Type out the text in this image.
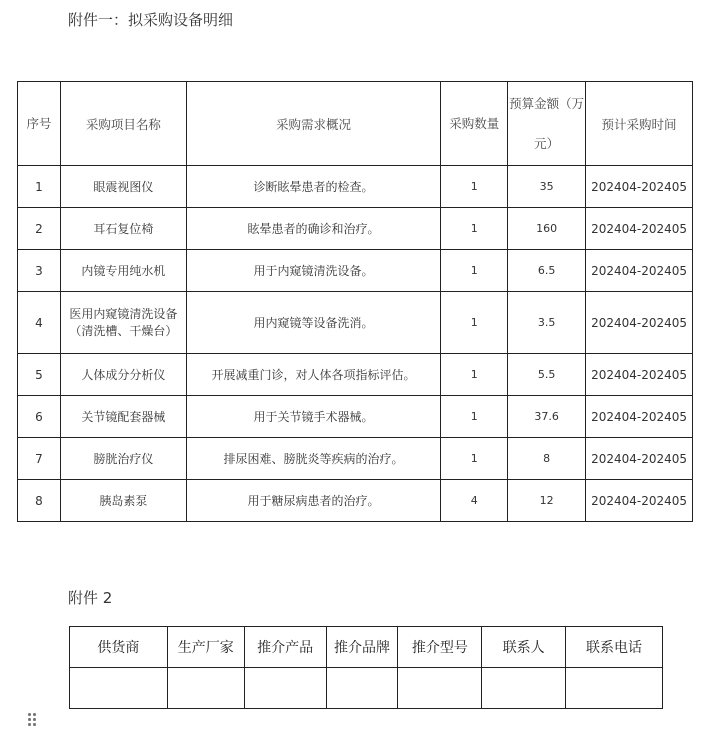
附件一：拟采购设备明细
序号	采购项目名称	采购需求概况	采购数量	预算金额（万元）	预计采购时间
1	眼震视图仪	诊断眩晕患者的检查。	1	35	202404-202405
2	耳石复位椅	眩晕患者的确诊和治疗。	1	160	202404-202405
3	内镜专用纯水机	用于内窥镜清洗设备。	1	6.5	202404-202405
4	医用内窥镜清洗设备（清洗槽、干燥台）	用内窥镜等设备洗消。	1	3.5	202404-202405
5	人体成分分析仪	开展减重门诊，对人体各项指标评估。	1	5.5	202404-202405
6	关节镜配套器械	用于关节镜手术器械。	1	37.6	202404-202405
7	膀胱治疗仪	排尿困难、膀胱炎等疾病的治疗。	1	8	202404-202405
8	胰岛素泵	用于糖尿病患者的治疗。	4	12	202404-202405
附件 2
供货商	生产厂家	推介产品	推介品牌	推介型号	联系人	联系电话
